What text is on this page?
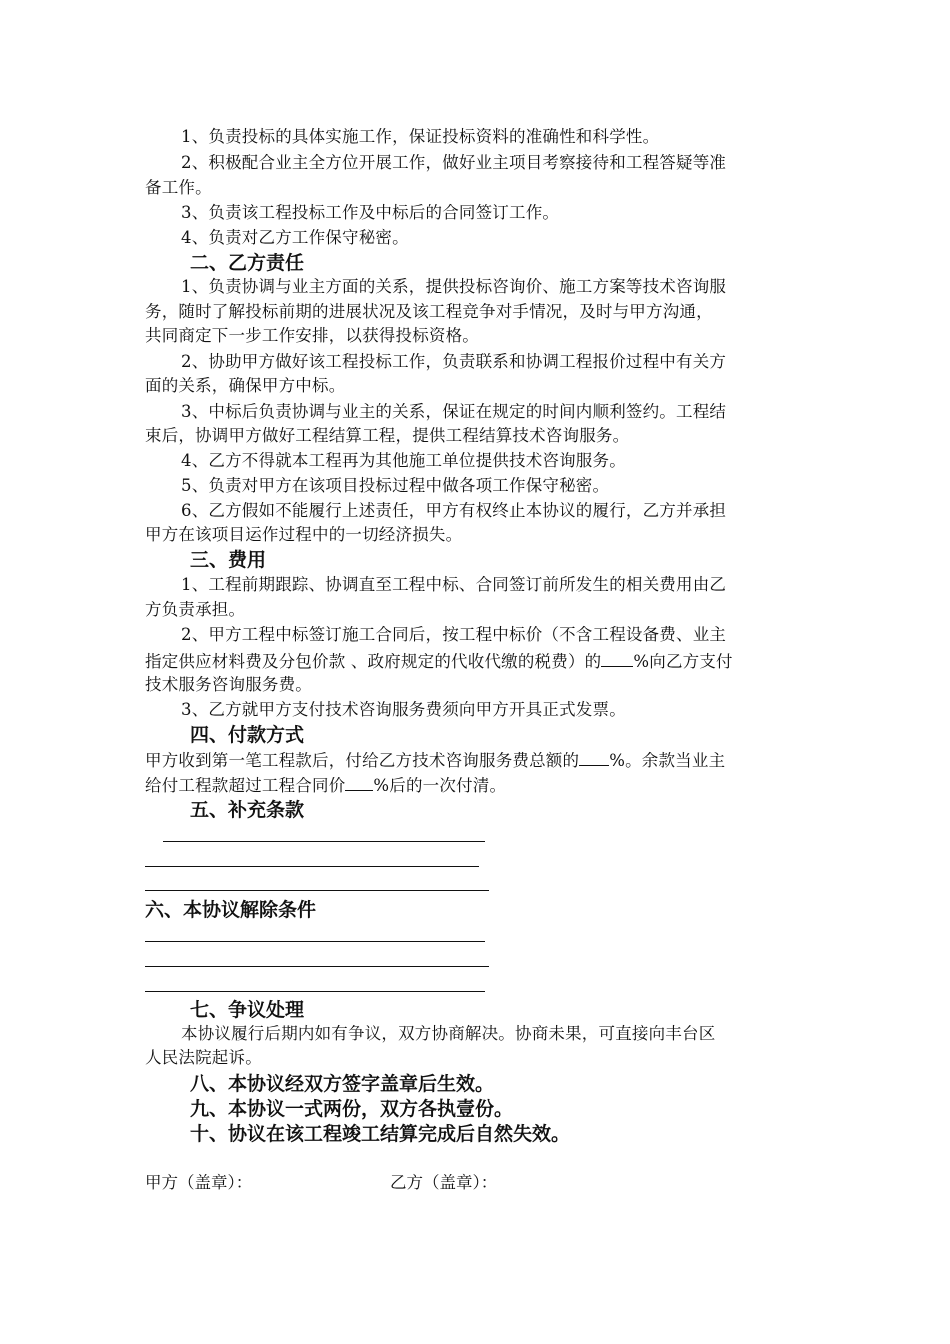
1、负责投标的具体实施工作，保证投标资料的准确性和科学性。
2、积极配合业主全方位开展工作，做好业主项目考察接待和工程答疑等准
备工作。
3、负责该工程投标工作及中标后的合同签订工作。
4、负责对乙方工作保守秘密。
二、乙方责任
1、负责协调与业主方面的关系，提供投标咨询价、施工方案等技术咨询服
务，随时了解投标前期的进展状况及该工程竞争对手情况，及时与甲方沟通，
共同商定下一步工作安排，以获得投标资格。
2、协助甲方做好该工程投标工作，负责联系和协调工程报价过程中有关方
面的关系，确保甲方中标。
3、中标后负责协调与业主的关系，保证在规定的时间内顺利签约。工程结
束后，协调甲方做好工程结算工程，提供工程结算技术咨询服务。
4、乙方不得就本工程再为其他施工单位提供技术咨询服务。
5、负责对甲方在该项目投标过程中做各项工作保守秘密。
6、乙方假如不能履行上述责任，甲方有权终止本协议的履行，乙方并承担
甲方在该项目运作过程中的一切经济损失。
三、费用
1、工程前期跟踪、协调直至工程中标、合同签订前所发生的相关费用由乙
方负责承担。
2、甲方工程中标签订施工合同后，按工程中标价（不含工程设备费、业主
指定供应材料费及分包价款 、政府规定的代收代缴的税费）的 %向乙方支付
技术服务咨询服务费。
3、乙方就甲方支付技术咨询服务费须向甲方开具正式发票。
四、付款方式
甲方收到第一笔工程款后，付给乙方技术咨询服务费总额的 %。余款当业主
给付工程款超过工程合同价 %后的一次付清。
五、补充条款
六、本协议解除条件
七、争议处理
本协议履行后期内如有争议，双方协商解决。协商未果，可直接向丰台区
人民法院起诉。
八、本协议经双方签字盖章后生效。
九、本协议一式两份，双方各执壹份。
十、协议在该工程竣工结算完成后自然失效。
甲方（盖章）：	乙方（盖章）：
